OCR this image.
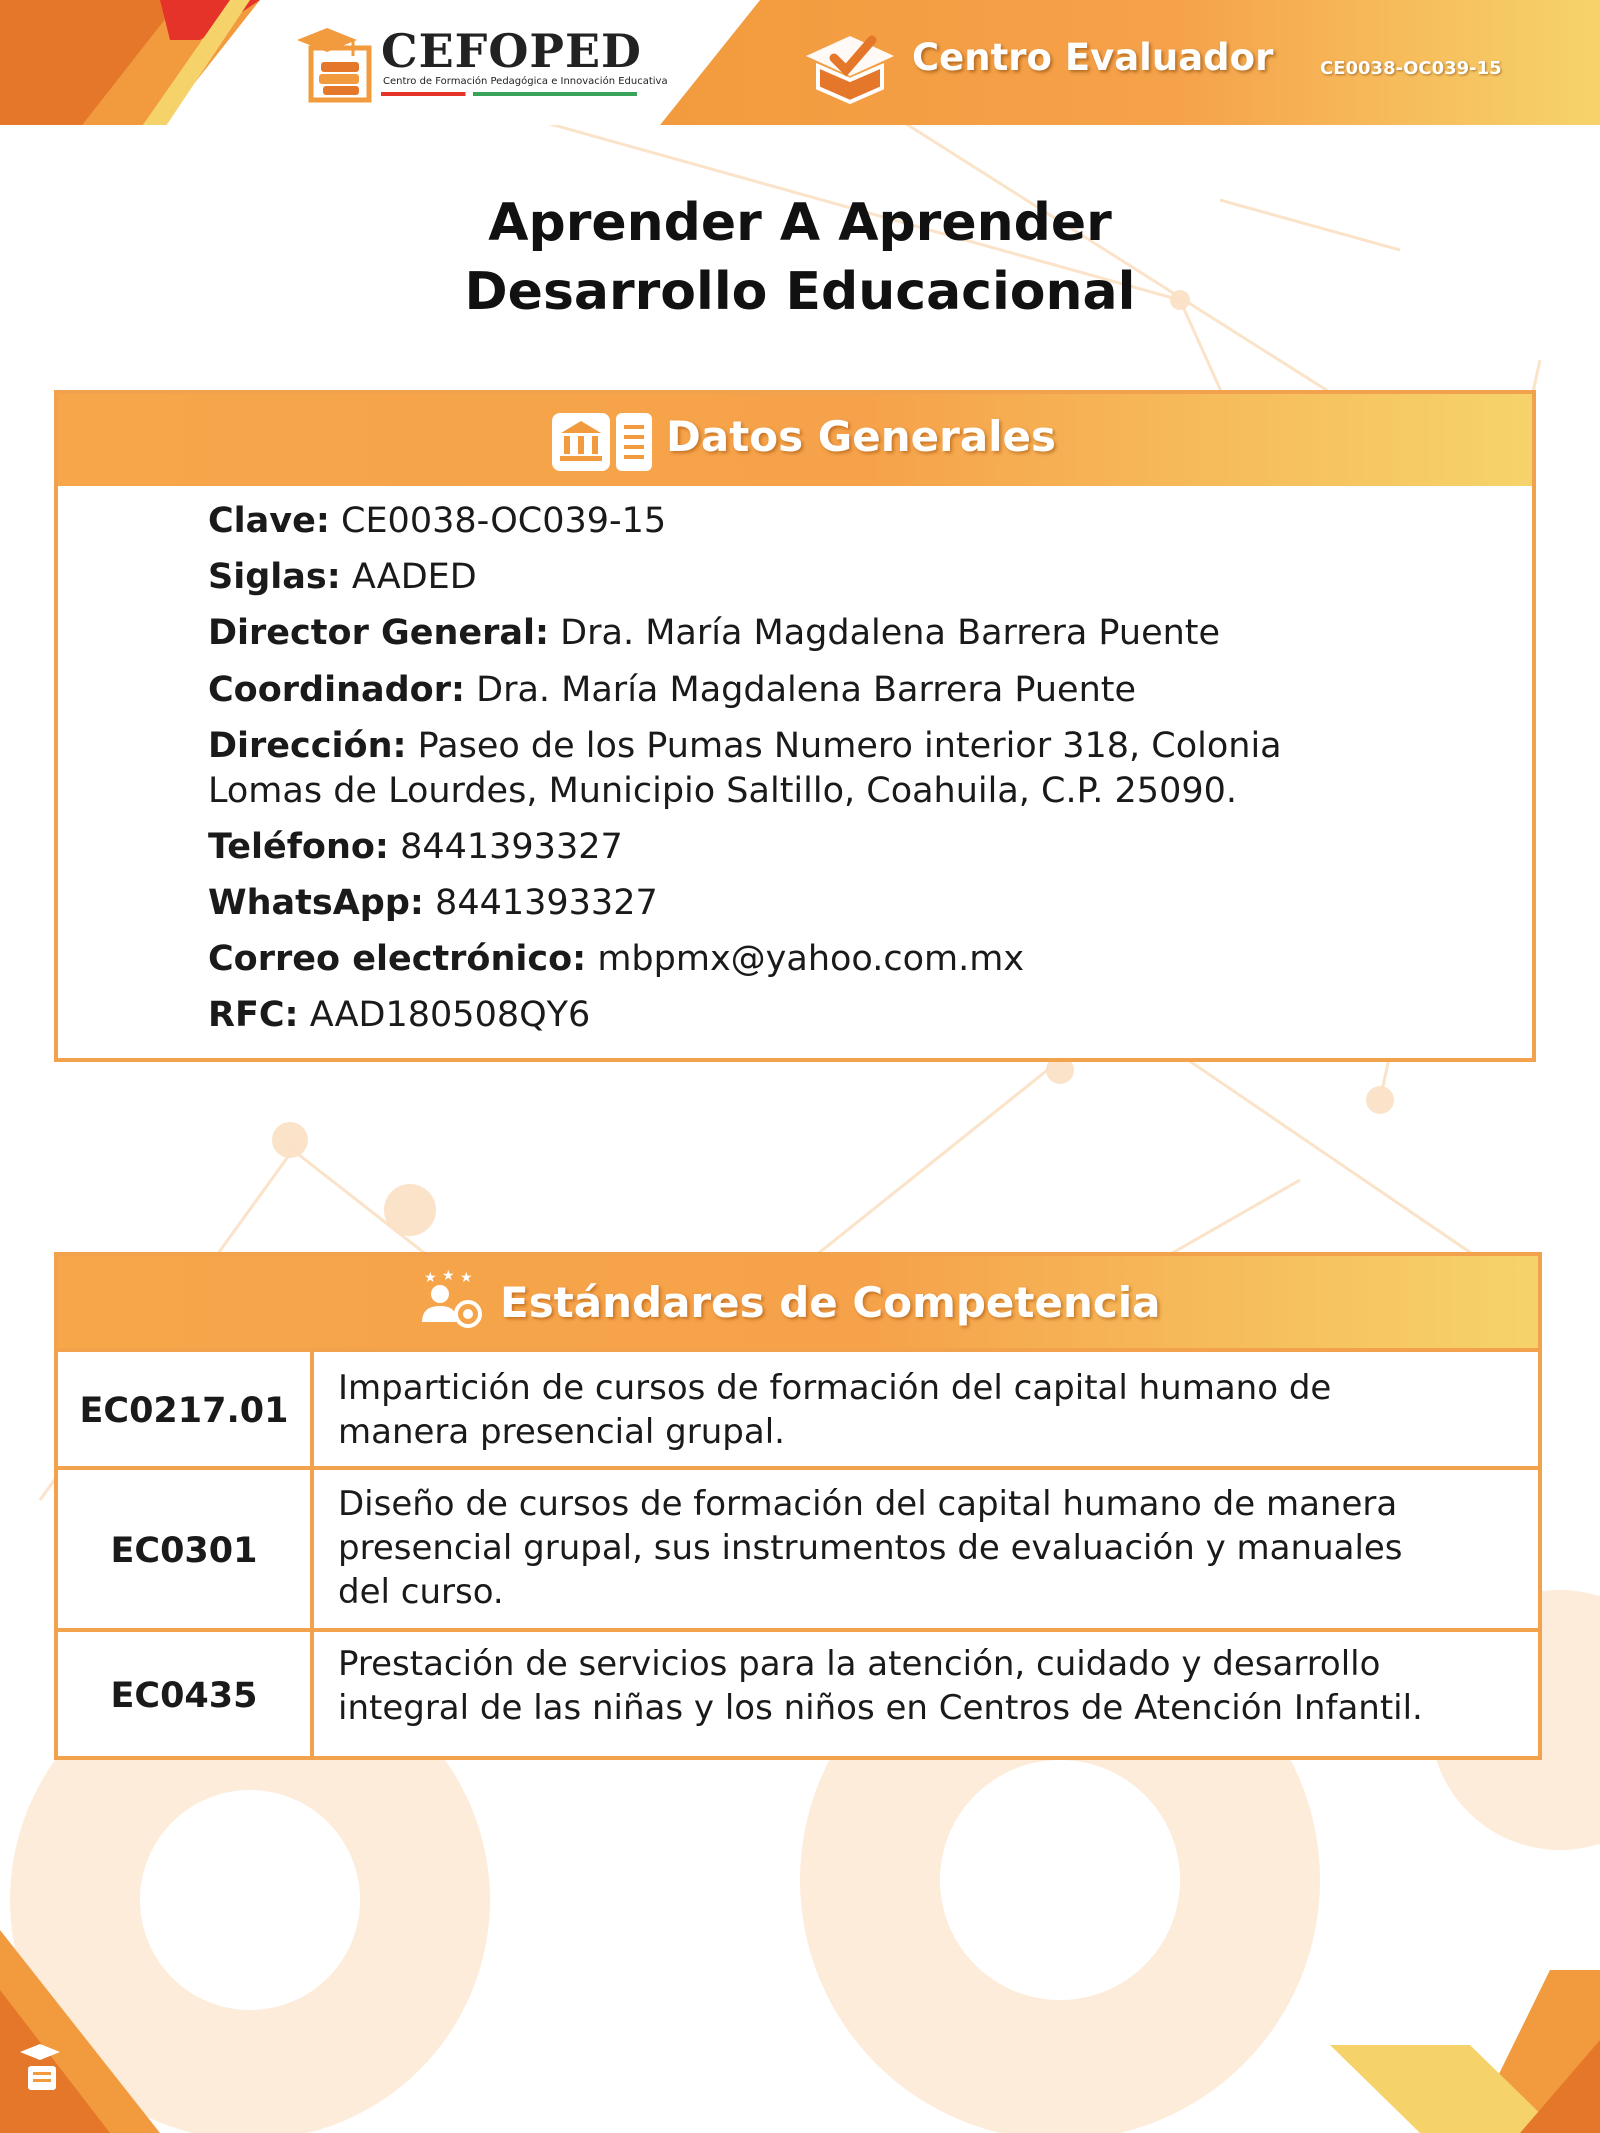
CEFOPED
Centro de Formación Pedagógica e Innovación Educativa
Centro Evaluador	CE0038-OC039-15
Aprender A Aprender
Desarrollo Educacional
Datos Generales
Clave: CE0038-OC039-15
Siglas: AADED
Director General: Dra. María Magdalena Barrera Puente
Coordinador: Dra. María Magdalena Barrera Puente
Dirección: Paseo de los Pumas Numero interior 318, Colonia
Lomas de Lourdes, Municipio Saltillo, Coahuila, C.P. 25090.
Teléfono: 8441393327
WhatsApp: 8441393327
Correo electrónico: mbpmx@yahoo.com.mx
RFC: AAD180508QY6
★ ★ ★ Estándares de Competencia
EC0217.01
Impartición de cursos de formación del capital humano de
manera presencial grupal.
EC0301
Diseño de cursos de formación del capital humano de manera
presencial grupal, sus instrumentos de evaluación y manuales
del curso.
EC0435
Prestación de servicios para la atención, cuidado y desarrollo
integral de las niñas y los niños en Centros de Atención Infantil.
